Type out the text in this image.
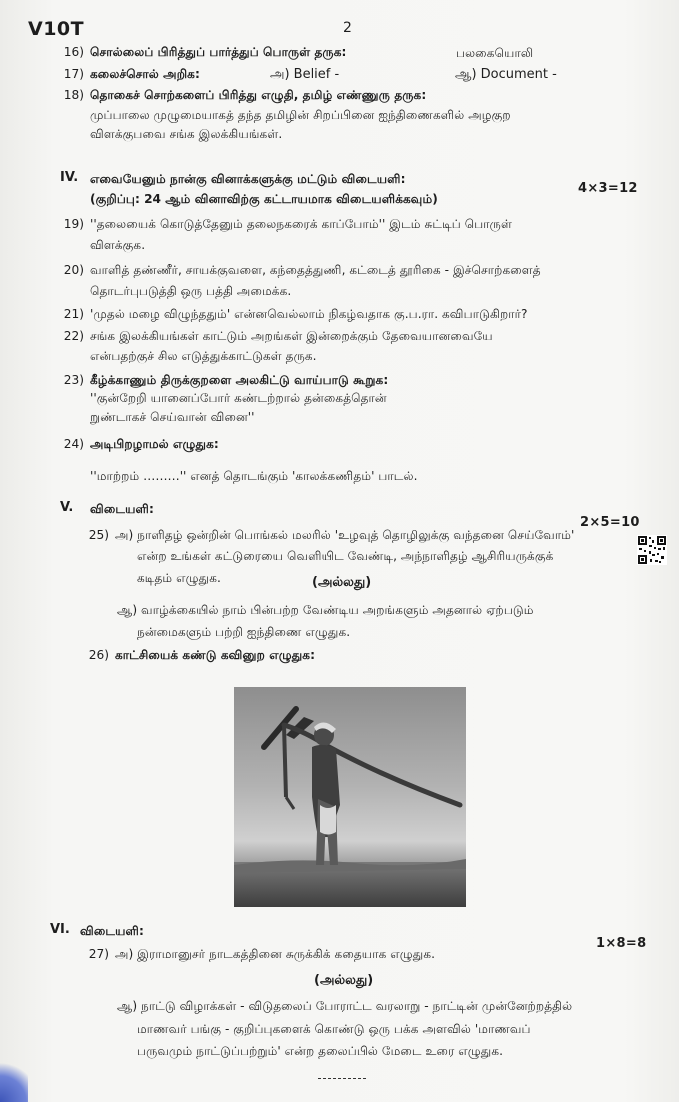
V10T	2
16) சொல்லைப் பிரித்துப் பார்த்துப் பொருள் தருக:	பலகையொலி
17) கலைச்சொல் அறிக:	அ) Belief -	ஆ) Document -
18) தொகைச் சொற்களைப் பிரித்து எழுதி, தமிழ் எண்ணுரு தருக:
முப்பாலை முழுமையாகத் தந்த தமிழின் சிறப்பினை ஐந்திணைகளில் அழகுற
விளக்குபவை சங்க இலக்கியங்கள்.
IV. எவையேனும் நான்கு வினாக்களுக்கு மட்டும் விடையளி:
4×3=12
(குறிப்பு: 24 ஆம் வினாவிற்கு கட்டாயமாக விடையளிக்கவும்)
19) ''தலையைக் கொடுத்தேனும் தலைநகரைக் காப்போம்'' இடம் சுட்டிப் பொருள்
விளக்குக.
20) வாளித் தண்ணீர், சாயக்குவளை, கந்தைத்துணி, கட்டைத் தூரிகை - இச்சொற்களைத்
தொடர்புபடுத்தி ஒரு பத்தி அமைக்க.
21) 'முதல் மழை விழுந்ததும்' என்னவெல்லாம் நிகழ்வதாக கு.ப.ரா. கவிபாடுகிறார்?
22) சங்க இலக்கியங்கள் காட்டும் அறங்கள் இன்றைக்கும் தேவையானவையே
என்பதற்குச் சில எடுத்துக்காட்டுகள் தருக.
23) கீழ்க்காணும் திருக்குறளை அலகிட்டு வாய்பாடு கூறுக:
''குன்றேறி யானைப்போர் கண்டற்றால் தன்கைத்தொன்
றுண்டாகச் செய்வான் வினை''
24) அடிபிறழாமல் எழுதுக:
''மாற்றம் ………'' எனத் தொடங்கும் 'காலக்கணிதம்' பாடல்.
V. விடையளி:
2×5=10
25) அ) நாளிதழ் ஒன்றின் பொங்கல் மலரில் 'உழவுத் தொழிலுக்கு வந்தனை செய்வோம்'
என்ற உங்கள் கட்டுரையை வெளியிட வேண்டி, அந்நாளிதழ் ஆசிரியருக்குக்
கடிதம் எழுதுக.	(அல்லது)
ஆ) வாழ்க்கையில் நாம் பின்பற்ற வேண்டிய அறங்களும் அதனால் ஏற்படும்
நன்மைகளும் பற்றி ஐந்திணை எழுதுக.
26) காட்சியைக் கண்டு கவினுற எழுதுக:
VI. விடையளி:
1×8=8
27) அ) இராமானுசர் நாடகத்தினை சுருக்கிக் கதையாக எழுதுக.
(அல்லது)
ஆ) நாட்டு விழாக்கள் - விடுதலைப் போராட்ட வரலாறு - நாட்டின் முன்னேற்றத்தில்
மாணவர் பங்கு - குறிப்புகளைக் கொண்டு ஒரு பக்க அளவில் 'மாணவப்
பருவமும் நாட்டுப்பற்றும்' என்ற தலைப்பில் மேடை உரை எழுதுக.
